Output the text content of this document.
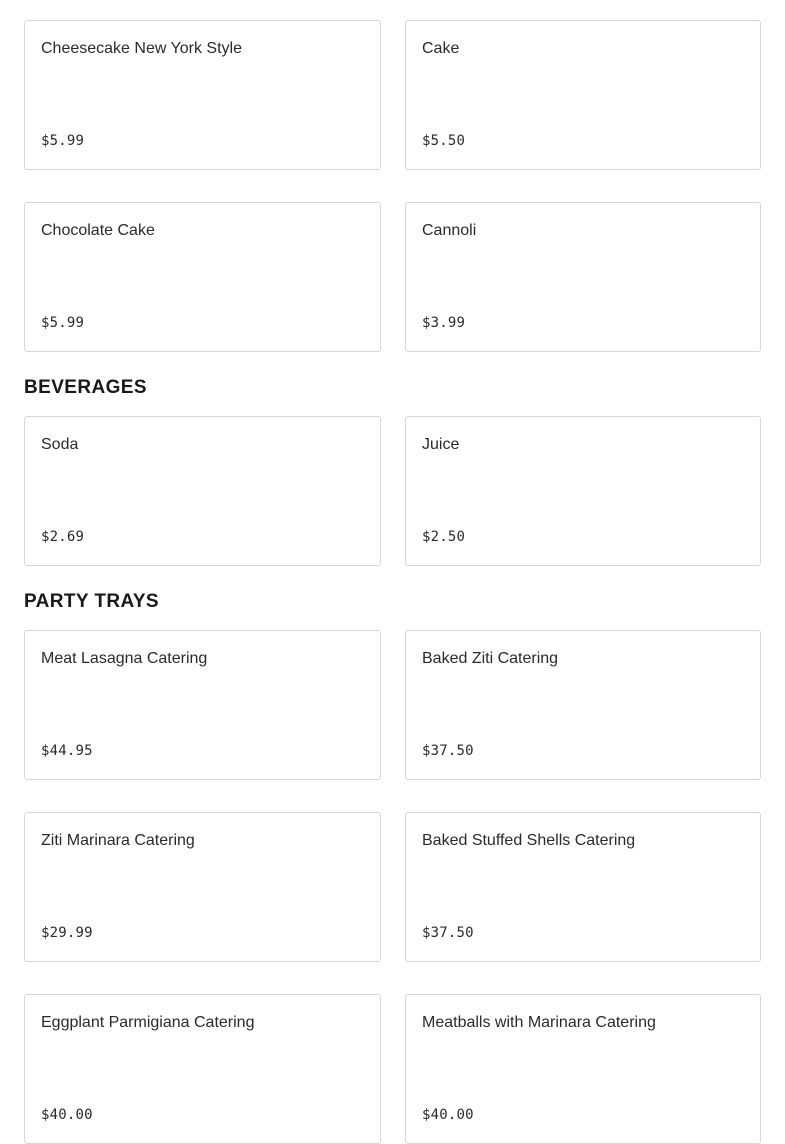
Cheesecake New York Style
$5.99
Cake
$5.50
Chocolate Cake
$5.99
Cannoli
$3.99
BEVERAGES
Soda
$2.69
Juice
$2.50
PARTY TRAYS
Meat Lasagna Catering
$44.95
Baked Ziti Catering
$37.50
Ziti Marinara Catering
$29.99
Baked Stuffed Shells Catering
$37.50
Eggplant Parmigiana Catering
$40.00
Meatballs with Marinara Catering
$40.00
